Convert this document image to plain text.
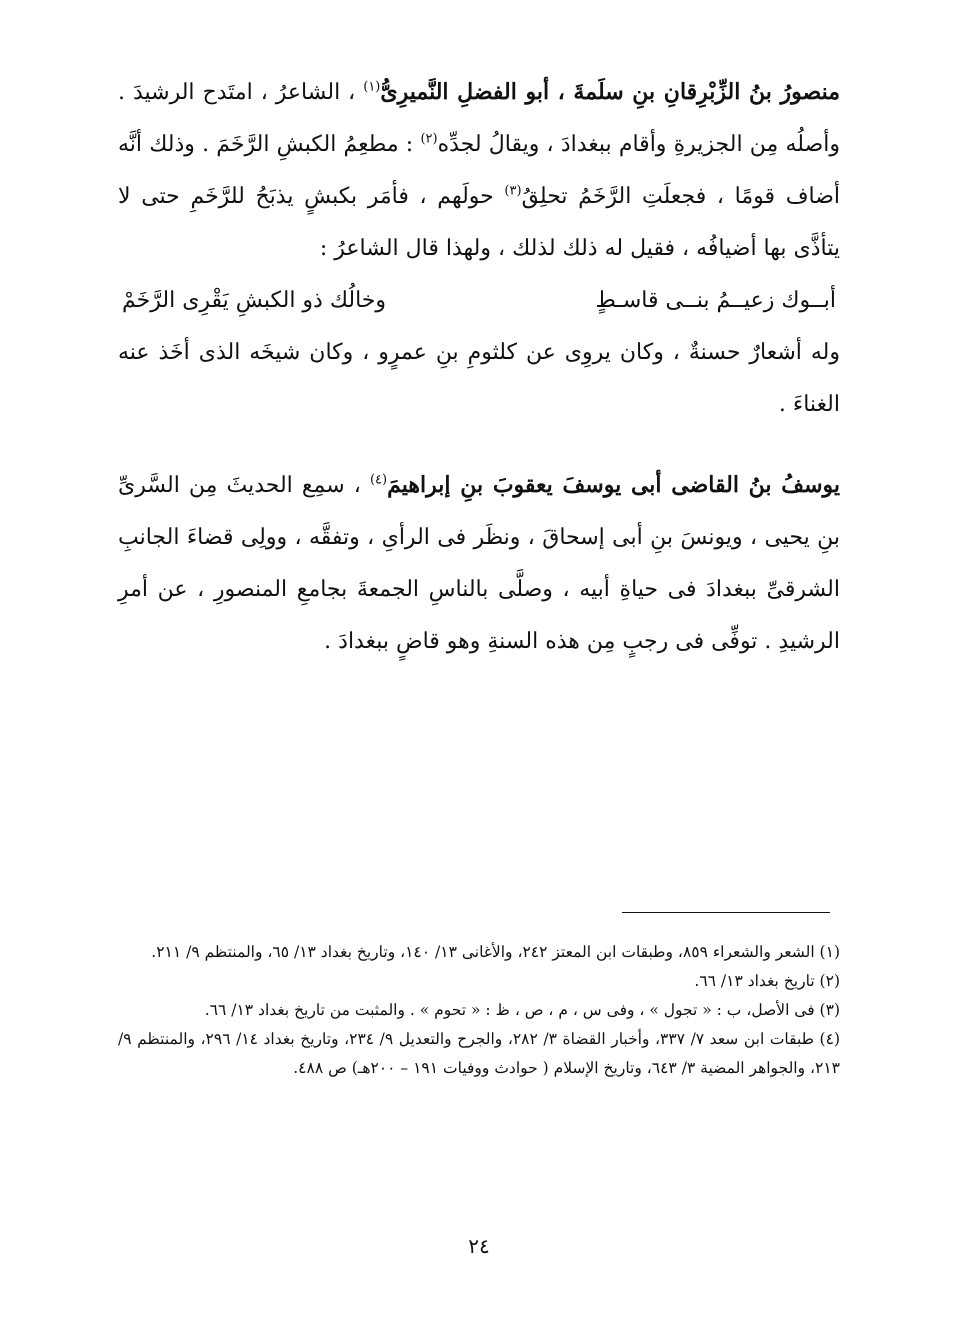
منصورُ بنُ الزِّبْرِقانِ بنِ سلَمةَ ، أبو الفضلِ النَّميرِىُّ$^{(١)}$ ، الشاعرُ ، امتَدح الرشيدَ . وأصلُه مِن الجزيرةِ وأقام ببغدادَ ، ويقالُ لجدِّه$^{(٢)}$ : مطعِمُ الكبشِ الرَّخَمَ . وذلك أنَّه أضاف قومًا ، فجعلَتِ الرَّخَمُ تحلِقُ$^{(٣)}$ حولَهم ، فأمَر بكبشٍ يذبَحُ للرَّخَمِ حتى لا يتأذَّى بها أضيافُه ، فقيل له ذلك لذلك ، ولهذا قال الشاعرُ :

أبــوك زعيــمُ بنــى قاسـطٍ
وخالُك ذو الكبشِ يَقْرِى الرَّخَمْ

وله أشعارٌ حسنةٌ ، وكان يروِى عن كلثومِ بنِ عمرٍو ، وكان شيخَه الذى أخَذ عنه الغناءَ .

يوسفُ بنُ القاضى أبى يوسفَ يعقوبَ بنِ إبراهيمَ$^{(٤)}$ ، سمِع الحديثَ مِن السَّرىِّ بنِ يحيى ، ويونسَ بنِ أبى إسحاقَ ، ونظَر فى الرأىِ ، وتفقَّه ، وولِى قضاءَ الجانبِ الشرقىِّ ببغدادَ فى حياةِ أبيه ، وصلَّى بالناسِ الجمعةَ بجامعِ المنصورِ ، عن أمرِ الرشيدِ . توفِّى فى رجبٍ مِن هذه السنةِ وهو قاضٍ ببغدادَ .

(١) الشعر والشعراء ٨٥٩، وطبقات ابن المعتز ٢٤٢، والأغانى ١٣/ ١٤٠، وتاريخ بغداد ١٣/ ٦٥، والمنتظم ٩/ ٢١١.

(٢) تاريخ بغداد ١٣/ ٦٦.

(٣) فى الأصل، ب : « تجول » ، وفى س ، م ، ص ، ظ : « تحوم » . والمثبت من تاريخ بغداد ١٣/ ٦٦.

(٤) طبقات ابن سعد ٧/ ٣٣٧، وأخبار القضاة ٣/ ٢٨٢، والجرح والتعديل ٩/ ٢٣٤، وتاريخ بغداد ١٤/ ٢٩٦، والمنتظم ٩/ ٢١٣، والجواهر المضية ٣/ ٦٤٣، وتاريخ الإسلام ( حوادث ووفيات ١٩١ – ٢٠٠هـ) ص ٤٨٨.

٢٤
